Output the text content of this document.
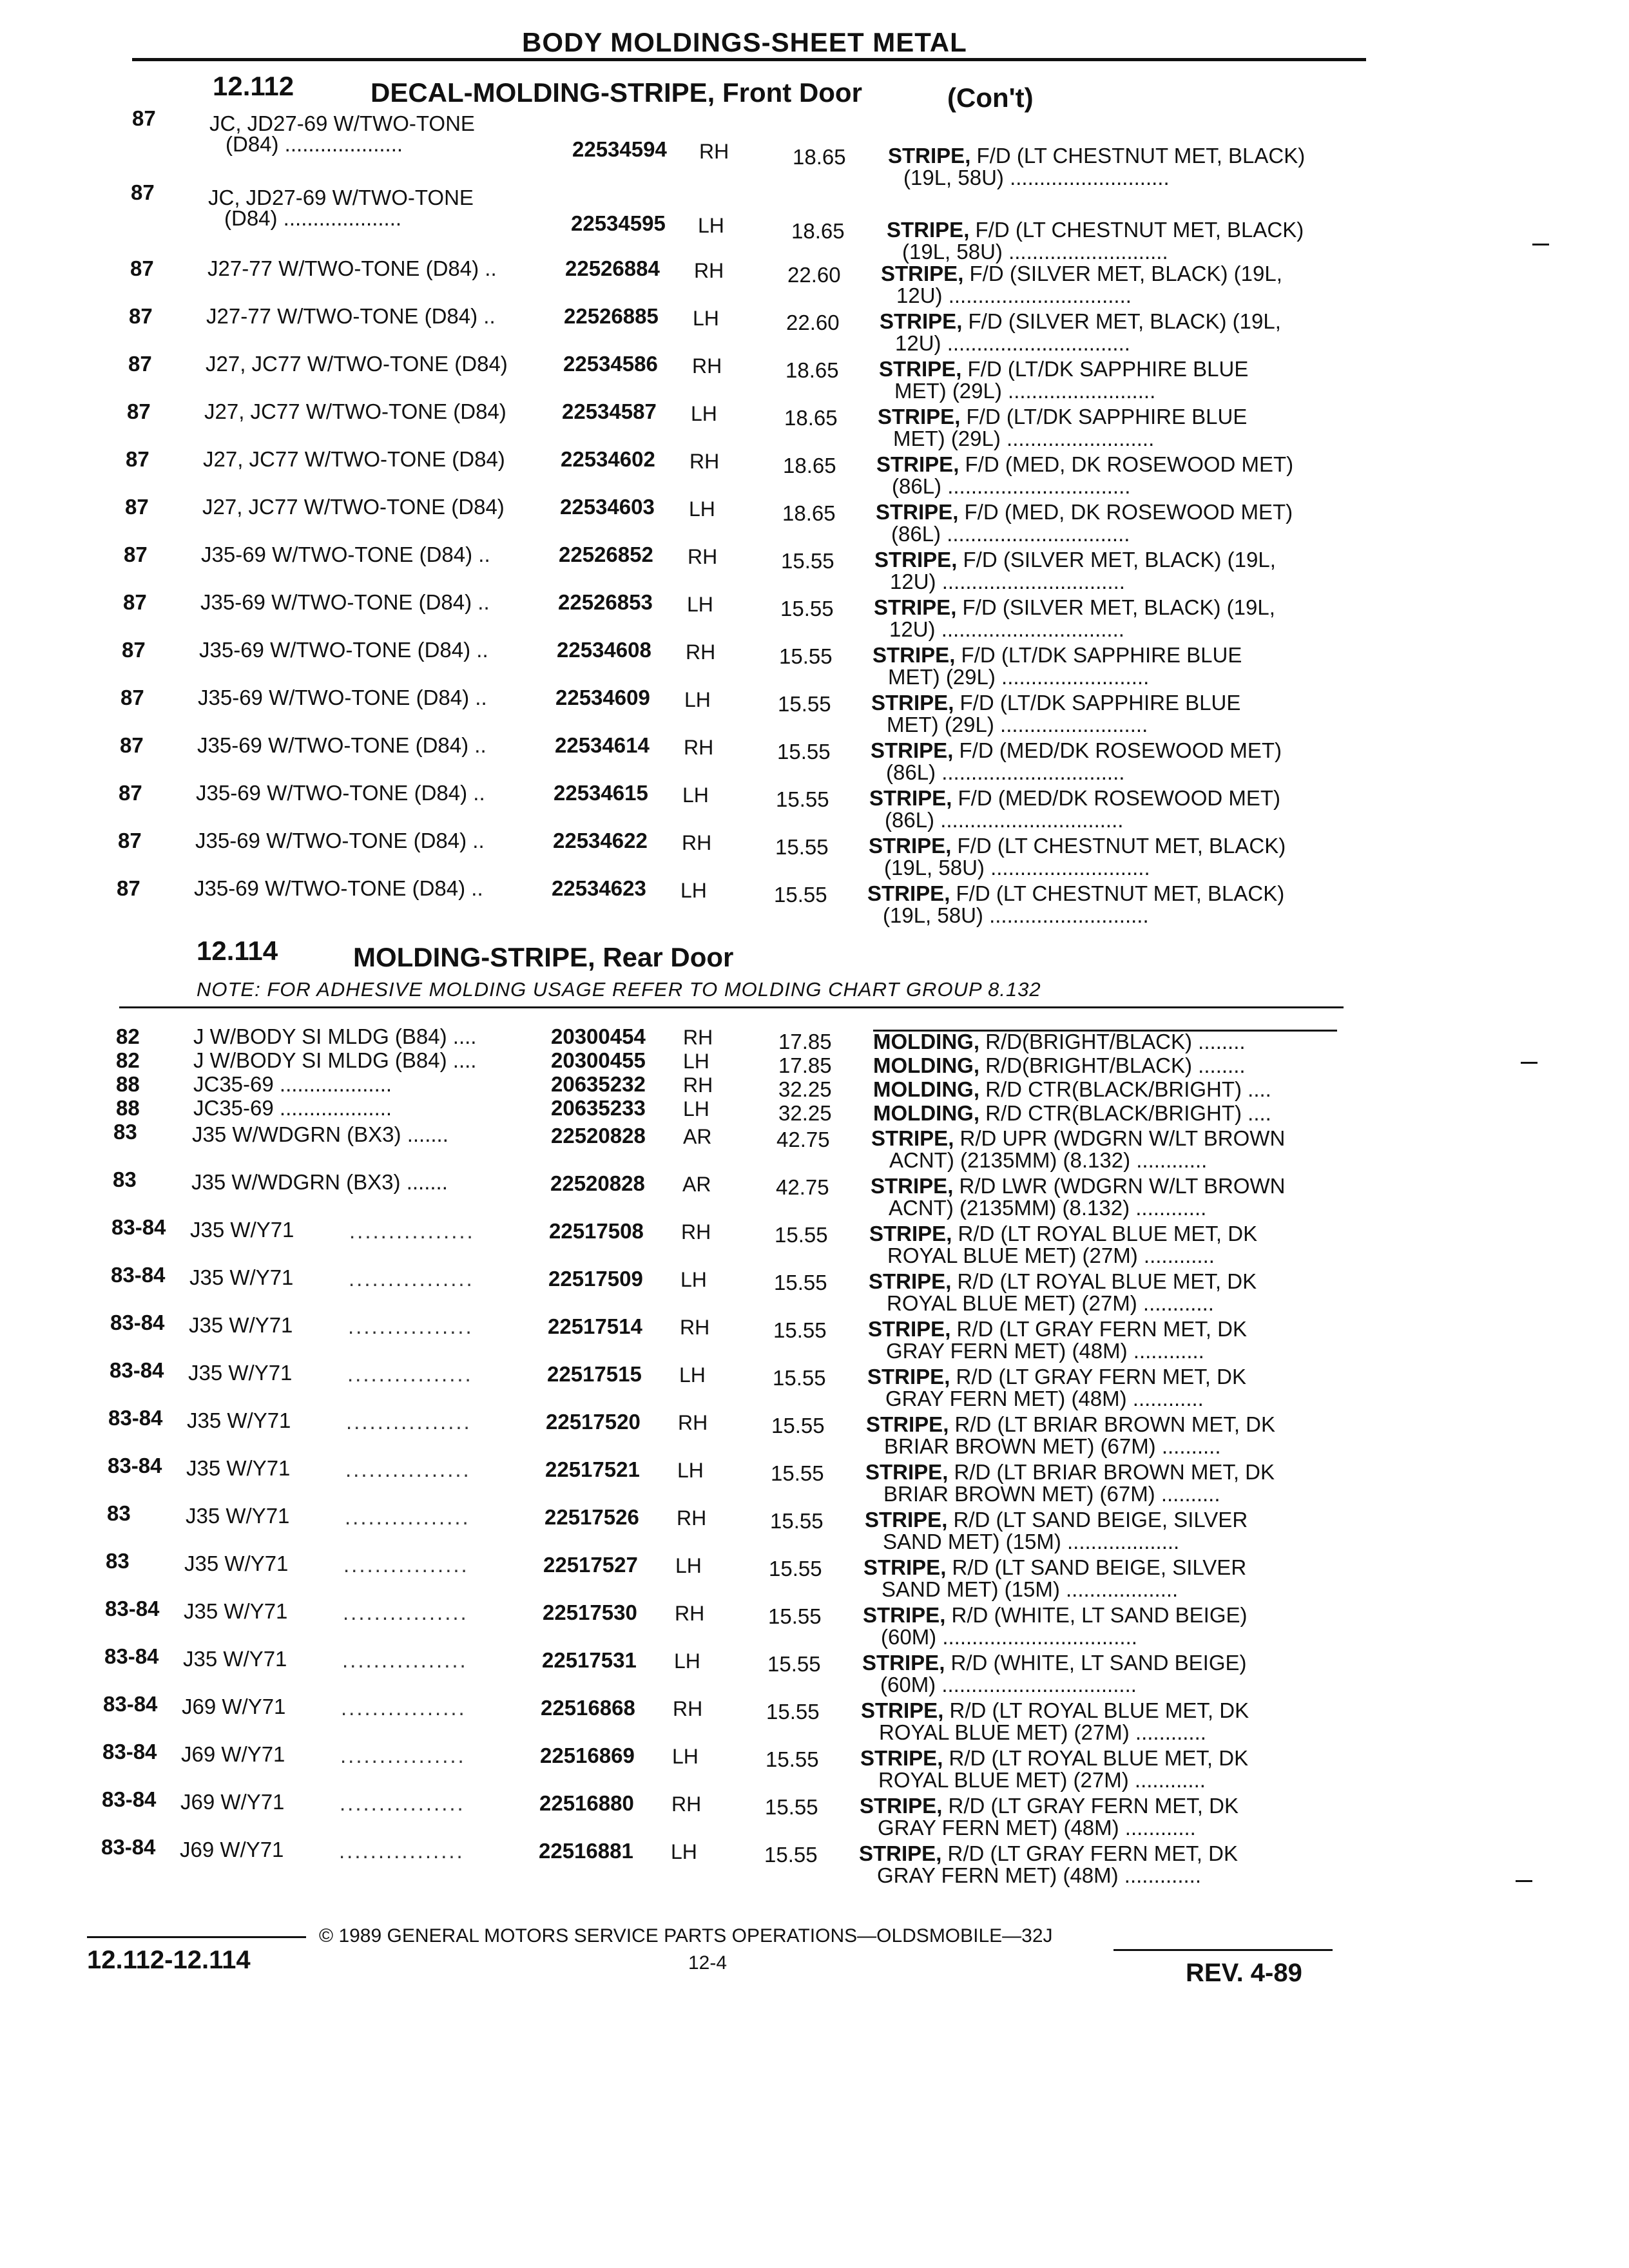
BODY MOLDINGS-SHEET METAL
12.112	DECAL-MOLDING-STRIPE, Front Door	(Con't)
87	JC, JD27-69 W/TWO-TONE
(D84) ....................	22534594 RH	18.65 STRIPE, F/D (LT CHESTNUT MET, BLACK)
(19L, 58U) ...........................
87	JC, JD27-69 W/TWO-TONE
(D84) ....................	22534595 LH	18.65 STRIPE, F/D (LT CHESTNUT MET, BLACK)
(19L, 58U) ...........................
87	J27-77 W/TWO-TONE (D84) ..	22526884 RH	22.60 STRIPE, F/D (SILVER MET, BLACK) (19L,
12U) ...............................
87	J27-77 W/TWO-TONE (D84) ..	22526885 LH	22.60 STRIPE, F/D (SILVER MET, BLACK) (19L,
12U) ...............................
87	J27, JC77 W/TWO-TONE (D84)	22534586 RH	18.65 STRIPE, F/D (LT/DK SAPPHIRE BLUE
MET) (29L) .........................
87	J27, JC77 W/TWO-TONE (D84)	22534587 LH	18.65 STRIPE, F/D (LT/DK SAPPHIRE BLUE
MET) (29L) .........................
87	J27, JC77 W/TWO-TONE (D84)	22534602 RH	18.65 STRIPE, F/D (MED, DK ROSEWOOD MET)
(86L) ...............................
87	J27, JC77 W/TWO-TONE (D84)	22534603 LH	18.65 STRIPE, F/D (MED, DK ROSEWOOD MET)
(86L) ...............................
87	J35-69 W/TWO-TONE (D84) ..	22526852 RH	15.55 STRIPE, F/D (SILVER MET, BLACK) (19L,
12U) ...............................
87	J35-69 W/TWO-TONE (D84) ..	22526853 LH	15.55 STRIPE, F/D (SILVER MET, BLACK) (19L,
12U) ...............................
87	J35-69 W/TWO-TONE (D84) ..	22534608 RH	15.55 STRIPE, F/D (LT/DK SAPPHIRE BLUE
MET) (29L) .........................
87	J35-69 W/TWO-TONE (D84) ..	22534609 LH	15.55 STRIPE, F/D (LT/DK SAPPHIRE BLUE
MET) (29L) .........................
87	J35-69 W/TWO-TONE (D84) ..	22534614 RH	15.55 STRIPE, F/D (MED/DK ROSEWOOD MET)
(86L) ...............................
87	J35-69 W/TWO-TONE (D84) ..	22534615 LH	15.55 STRIPE, F/D (MED/DK ROSEWOOD MET)
(86L) ...............................
87	J35-69 W/TWO-TONE (D84) ..	22534622 RH	15.55 STRIPE, F/D (LT CHESTNUT MET, BLACK)
(19L, 58U) ...........................
87	J35-69 W/TWO-TONE (D84) ..	22534623 LH	15.55 STRIPE, F/D (LT CHESTNUT MET, BLACK)
(19L, 58U) ...........................
12.114	MOLDING-STRIPE, Rear Door
NOTE: FOR ADHESIVE MOLDING USAGE REFER TO MOLDING CHART GROUP 8.132
82	J W/BODY SI MLDG (B84) ....	20300454 RH	17.85 MOLDING, R/D(BRIGHT/BLACK) ........
82	J W/BODY SI MLDG (B84) ....	20300455 LH	17.85 MOLDING, R/D(BRIGHT/BLACK) ........
88	JC35-69 ...................	20635232 RH	32.25 MOLDING, R/D CTR(BLACK/BRIGHT) ....
88	JC35-69 ...................	20635233 LH	32.25 MOLDING, R/D CTR(BLACK/BRIGHT) ....
83	J35 W/WDGRN (BX3) .......	22520828 AR	42.75 STRIPE, R/D UPR (WDGRN W/LT BROWN
ACNT) (2135MM) (8.132) ............
83	J35 W/WDGRN (BX3) .......	22520828 AR	42.75 STRIPE, R/D LWR (WDGRN W/LT BROWN
ACNT) (2135MM) (8.132) ............
83-84 J35 W/Y71	................	22517508 RH	15.55 STRIPE, R/D (LT ROYAL BLUE MET, DK
ROYAL BLUE MET) (27M) ............
83-84 J35 W/Y71	................	22517509 LH	15.55 STRIPE, R/D (LT ROYAL BLUE MET, DK
ROYAL BLUE MET) (27M) ............
83-84 J35 W/Y71	................	22517514 RH	15.55 STRIPE, R/D (LT GRAY FERN MET, DK
GRAY FERN MET) (48M) ............
83-84 J35 W/Y71	................	22517515 LH	15.55 STRIPE, R/D (LT GRAY FERN MET, DK
GRAY FERN MET) (48M) ............
83-84 J35 W/Y71	................	22517520 RH	15.55 STRIPE, R/D (LT BRIAR BROWN MET, DK
BRIAR BROWN MET) (67M) ..........
83-84 J35 W/Y71	................	22517521 LH	15.55 STRIPE, R/D (LT BRIAR BROWN MET, DK
BRIAR BROWN MET) (67M) ..........
83	J35 W/Y71	................	22517526 RH	15.55 STRIPE, R/D (LT SAND BEIGE, SILVER
SAND MET) (15M) ...................
83	J35 W/Y71	................	22517527 LH	15.55 STRIPE, R/D (LT SAND BEIGE, SILVER
SAND MET) (15M) ...................
83-84 J35 W/Y71	................	22517530 RH	15.55 STRIPE, R/D (WHITE, LT SAND BEIGE)
(60M) .................................
83-84 J35 W/Y71	................	22517531 LH	15.55 STRIPE, R/D (WHITE, LT SAND BEIGE)
(60M) .................................
83-84 J69 W/Y71	................	22516868 RH	15.55 STRIPE, R/D (LT ROYAL BLUE MET, DK
ROYAL BLUE MET) (27M) ............
83-84 J69 W/Y71	................	22516869 LH	15.55 STRIPE, R/D (LT ROYAL BLUE MET, DK
ROYAL BLUE MET) (27M) ............
83-84 J69 W/Y71	................	22516880 RH	15.55 STRIPE, R/D (LT GRAY FERN MET, DK
GRAY FERN MET) (48M) ............
83-84 J69 W/Y71	................	22516881 LH	15.55 STRIPE, R/D (LT GRAY FERN MET, DK
GRAY FERN MET) (48M) .............
© 1989 GENERAL MOTORS SERVICE PARTS OPERATIONS—OLDSMOBILE—32J
12.112-12.114	12-4	REV. 4-89
